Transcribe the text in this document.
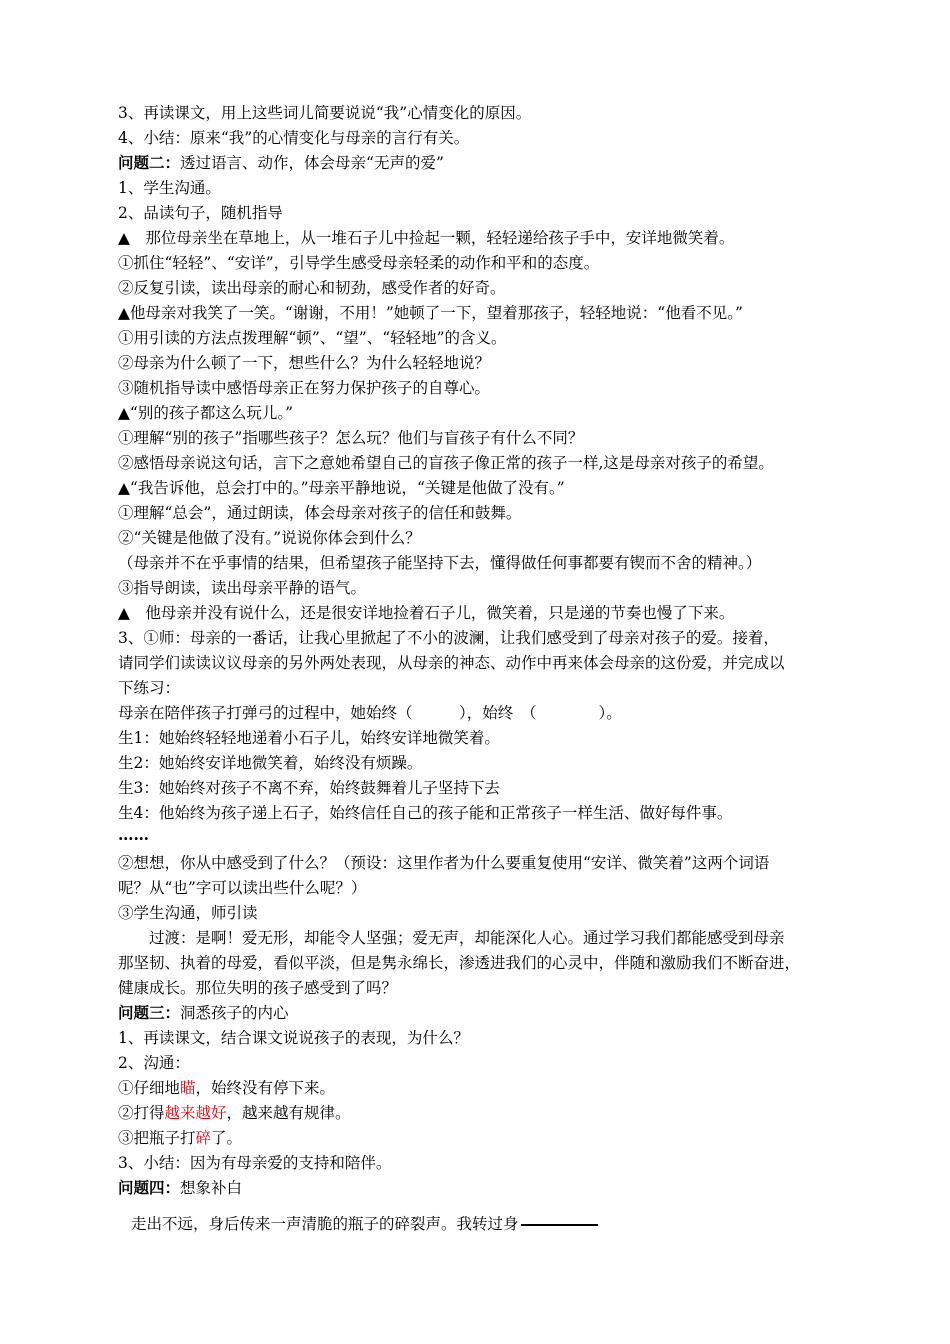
3、再读课文，用上这些词儿简要说说“我”心情变化的原因。
4、小结：原来“我”的心情变化与母亲的言行有关。
问题二：透过语言、动作，体会母亲“无声的爱”
1、学生沟通。
2、品读句子，随机指导
▲　那位母亲坐在草地上，从一堆石子儿中捡起一颗，轻轻递给孩子手中，安详地微笑着。
①抓住“轻轻”、“安详”，引导学生感受母亲轻柔的动作和平和的态度。
②反复引读，读出母亲的耐心和韧劲，感受作者的好奇。
▲他母亲对我笑了一笑。“谢谢，不用！”她顿了一下，望着那孩子，轻轻地说：“他看不见。”
①用引读的方法点拨理解“顿”、“望”、“轻轻地”的含义。
②母亲为什么顿了一下，想些什么？为什么轻轻地说？
③随机指导读中感悟母亲正在努力保护孩子的自尊心。
▲“别的孩子都这么玩儿。”
①理解“别的孩子”指哪些孩子？怎么玩？他们与盲孩子有什么不同？
②感悟母亲说这句话，言下之意她希望自己的盲孩子像正常的孩子一样,这是母亲对孩子的希望。
▲“我告诉他，总会打中的。”母亲平静地说，“关键是他做了没有。”
①理解“总会”，通过朗读，体会母亲对孩子的信任和鼓舞。
②“关键是他做了没有。”说说你体会到什么？
（母亲并不在乎事情的结果，但希望孩子能坚持下去，懂得做任何事都要有锲而不舍的精神。）
③指导朗读，读出母亲平静的语气。
▲　他母亲并没有说什么，还是很安详地捡着石子儿，微笑着，只是递的节奏也慢了下来。
3、①师：母亲的一番话，让我心里掀起了不小的波澜，让我们感受到了母亲对孩子的爱。接着，
请同学们读读议议母亲的另外两处表现，从母亲的神态、动作中再来体会母亲的这份爱，并完成以
下练习：
母亲在陪伴孩子打弹弓的过程中，她始终（　　　），始终　（　　　　）。
生1：她始终轻轻地递着小石子儿，始终安详地微笑着。
生2：她始终安详地微笑着，始终没有烦躁。
生3：她始终对孩子不离不弃，始终鼓舞着儿子坚持下去
生4：他始终为孩子递上石子，始终信任自己的孩子能和正常孩子一样生活、做好每件事。
……
②想想，你从中感受到了什么？（预设：这里作者为什么要重复使用“安详、微笑着”这两个词语
呢？从“也”字可以读出些什么呢？）
③学生沟通，师引读
过渡：是啊！爱无形，却能令人坚强；爱无声，却能深化人心。通过学习我们都能感受到母亲
那坚韧、执着的母爱，看似平淡，但是隽永绵长，渗透进我们的心灵中，伴随和激励我们不断奋进，
健康成长。那位失明的孩子感受到了吗？
问题三：洞悉孩子的内心
1、再读课文，结合课文说说孩子的表现，为什么？
2、沟通：
①仔细地瞄，始终没有停下来。
②打得越来越好，越来越有规律。
③把瓶子打碎了。
3、小结：因为有母亲爱的支持和陪伴。
问题四：想象补白
走出不远，身后传来一声清脆的瓶子的碎裂声。我转过身
